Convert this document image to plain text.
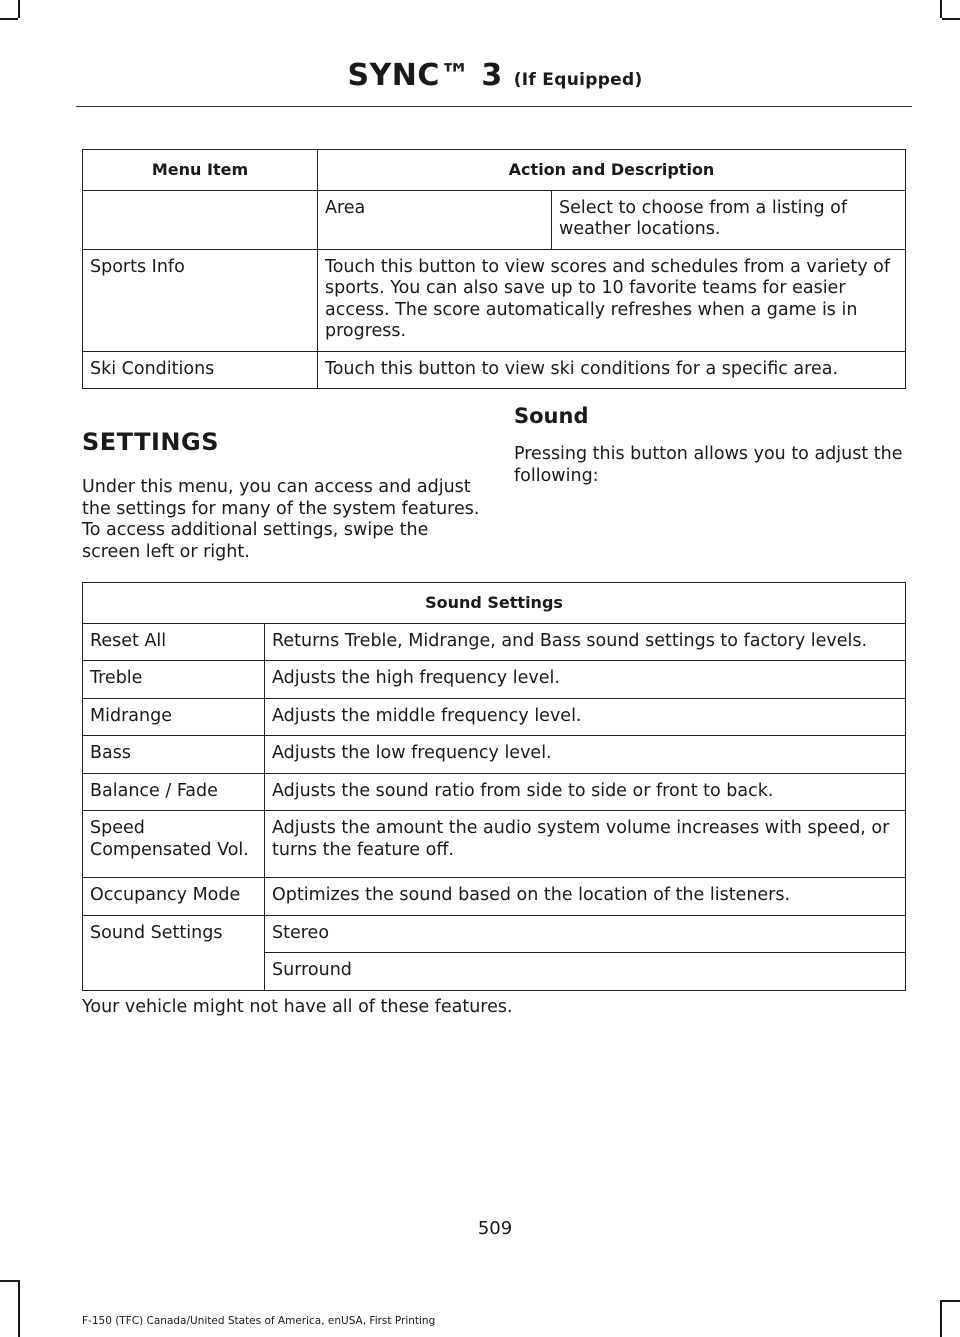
SYNC™ 3 (If Equipped)
Menu Item	Action and Description	
	Area	Select to choose from a listing of weather locations.
Sports Info	Touch this button to view scores and schedules from a variety of sports. You can also save up to 10 favorite teams for easier access. The score automatically refreshes when a game is in progress.	
Ski Conditions	Touch this button to view ski conditions for a specific area.	
SETTINGS

Under this menu, you can access and adjust the settings for many of the system features. To access additional settings, swipe the screen left or right.

Sound

Pressing this button allows you to adjust the following:

Sound Settings	
Reset All	Returns Treble, Midrange, and Bass sound settings to factory levels.
Treble	Adjusts the high frequency level.
Midrange	Adjusts the middle frequency level.
Bass	Adjusts the low frequency level.
Balance / Fade	Adjusts the sound ratio from side to side or front to back.
Speed Compensated Vol.	Adjusts the amount the audio system volume increases with speed, or turns the feature off.
Occupancy Mode	Optimizes the sound based on the location of the listeners.
Sound Settings	Stereo
	Surround

Your vehicle might not have all of these features.

509
F-150 (TFC) Canada/United States of America, enUSA, First Printing
